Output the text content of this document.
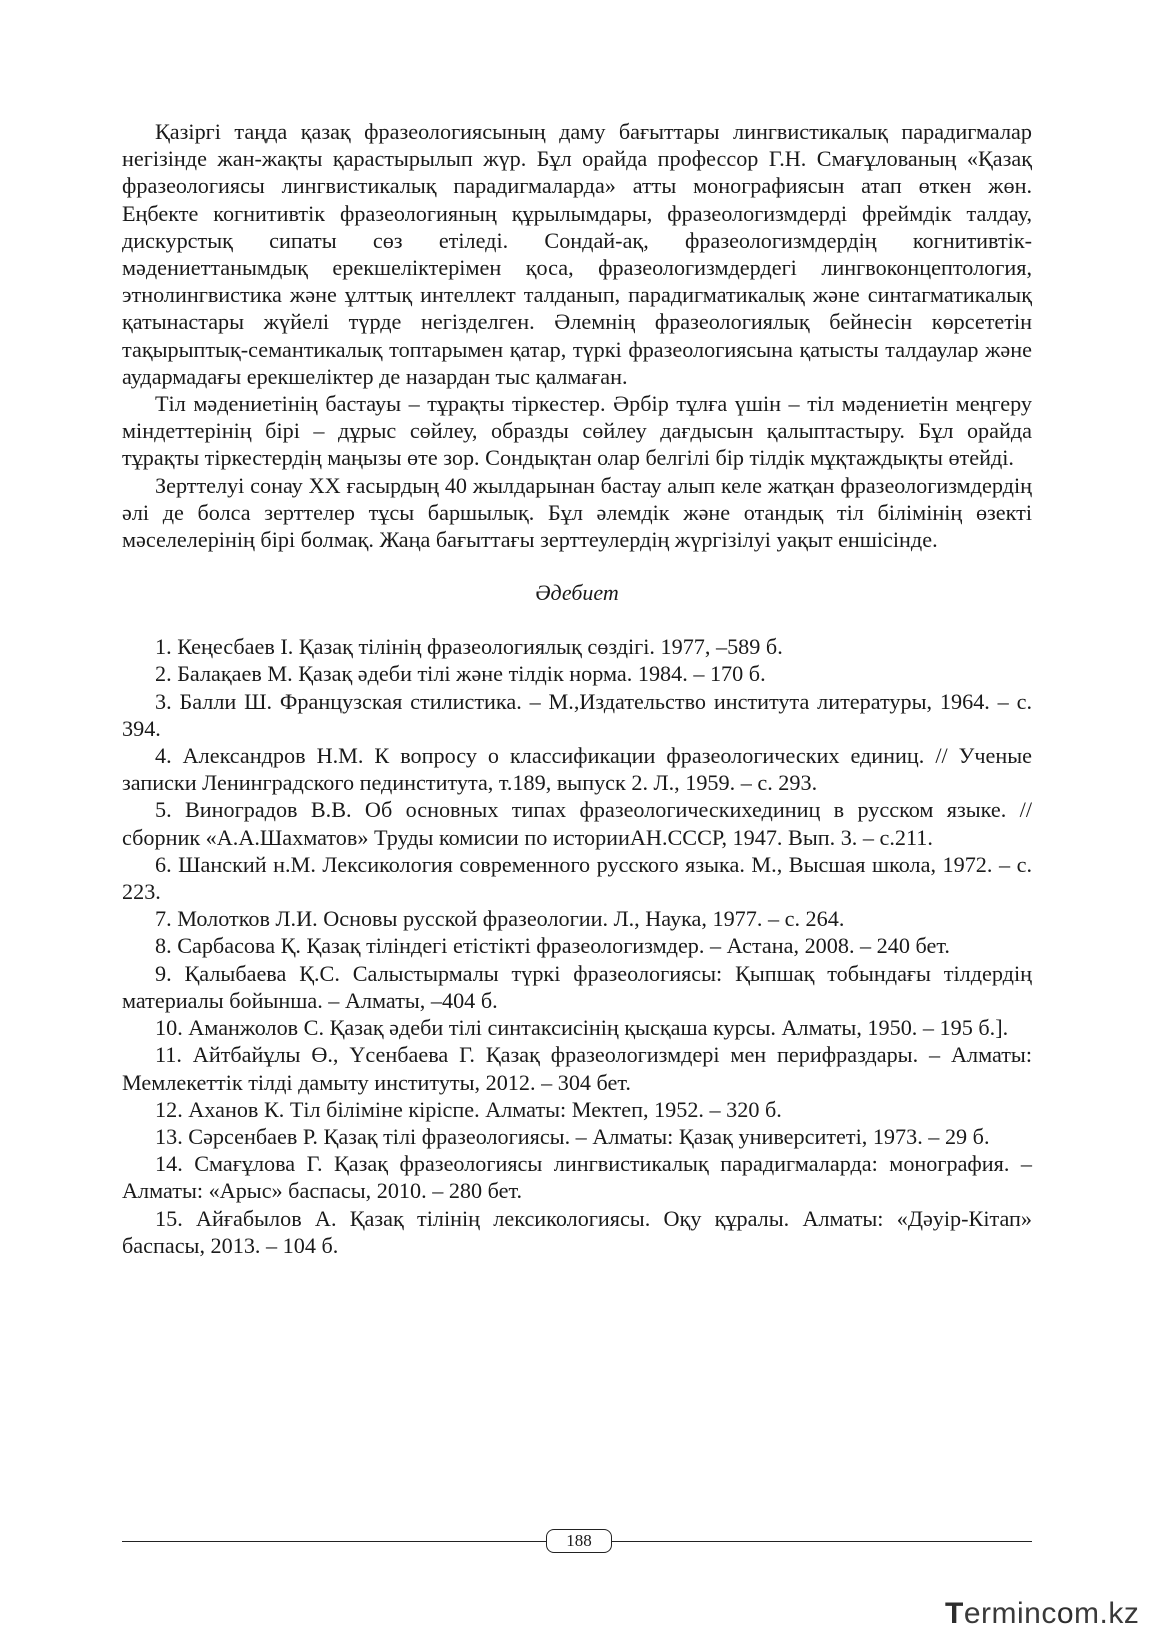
Қазіргі таңда қазақ фразеологиясының даму бағыттары лингвистикалық парадигмалар негізінде жан-жақты қарастырылып жүр. Бұл орайда профессор Г.Н. Смағұлованың «Қазақ фразеологиясы лингвистикалық парадигмаларда» атты монографиясын атап өткен жөн. Еңбекте когнитивтік фразеологияның құрылымдары, фразеологизмдерді фреймдік талдау, дискурстық сипаты сөз етіледі. Сондай-ақ, фразеологизмдердің когнитивтік-мәдениеттанымдық ерекшеліктерімен қоса, фразеологизмдердегі лингвоконцептология, этнолингвистика және ұлттық интеллект талданып, парадигматикалық және синтагматикалық қатынастары жүйелі түрде негізделген. Әлемнің фразеологиялық бейнесін көрсететін тақырыптық-семантикалық топтарымен қатар, түркі фразеологиясына қатысты талдаулар және аудармадағы ерекшеліктер де назардан тыс қалмаған.

Тіл мәдениетінің бастауы – тұрақты тіркестер. Әрбір тұлға үшін – тіл мәдениетін меңгеру міндеттерінің бірі – дұрыс сөйлеу, образды сөйлеу дағдысын қалыптастыру. Бұл орайда тұрақты тіркестердің маңызы өте зор. Сондықтан олар белгілі бір тілдік мұқтаждықты өтейді.

Зерттелуі сонау ХХ ғасырдың 40 жылдарынан бастау алып келе жатқан фразеологизмдердің әлі де болса зерттелер тұсы баршылық. Бұл әлемдік және отандық тіл білімінің өзекті мәселелерінің бірі болмақ. Жаңа бағыттағы зерттеулердің жүргізілуі уақыт еншісінде.

Әдебиет

1. Кеңесбаев І. Қазақ тілінің фразеологиялық сөздігі. 1977, –589 б.

2. Балақаев М. Қазақ әдеби тілі және тілдік норма. 1984. – 170 б.

3. Балли Ш. Французская стилистика. – М.,Издательство института литературы, 1964. – с. 394.

4. Александров Н.М. К вопросу о классификации фразеологических единиц. // Ученые записки Ленинградского пединститута, т.189, выпуск 2. Л., 1959. – с. 293.

5. Виноградов В.В. Об основных типах фразеологическихединиц в русском языке. // сборник «А.А.Шахматов» Труды комисии по историиАН.СССР, 1947. Вып. 3. – с.211.

6. Шанский н.М. Лексикология современного русского языка. М., Высшая школа, 1972. – с. 223.

7. Молотков Л.И. Основы русской фразеологии. Л., Наука, 1977. – с. 264.

8. Сарбасова Қ. Қазақ тіліндегі етістікті фразеологизмдер. – Астана, 2008. – 240 бет.

9. Қалыбаева Қ.С. Салыстырмалы түркі фразеологиясы: Қыпшақ тобындағы тілдердің материалы бойынша. – Алматы, –404 б.

10. Аманжолов С. Қазақ әдеби тілі синтаксисінің қысқаша курсы. Алматы, 1950. – 195 б.].

11. Айтбайұлы Ө., Үсенбаева Г. Қазақ фразеологизмдері мен перифраздары. – Алматы: Мемлекеттік тілді дамыту институты, 2012. – 304 бет.

12. Аханов К. Тіл біліміне кіріспе. Алматы: Мектеп, 1952. – 320 б.

13. Сәрсенбаев Р. Қазақ тілі фразеологиясы. – Алматы: Қазақ университеті, 1973. – 29 б.

14. Смағұлова Г. Қазақ фразеологиясы лингвистикалық парадигмаларда: монография. – Алматы: «Арыс» баспасы, 2010. – 280 бет.

15. Айғабылов А. Қазақ тілінің лексикологиясы. Оқу құралы. Алматы: «Дәуір-Кітап» баспасы, 2013. – 104 б.

188
Termincom.kz
